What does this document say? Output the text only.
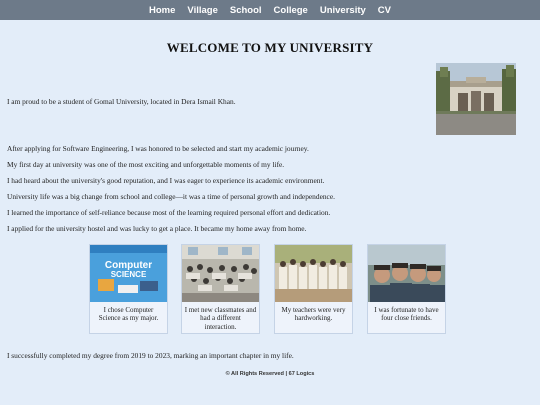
Home Village School College University CV
WELCOME TO MY UNIVERSITY
I am proud to be a student of Gomal University, located in Dera Ismail Khan.
After applying for Software Engineering, I was honored to be selected and start my academic journey.
My first day at university was one of the most exciting and unforgettable moments of my life.
I had heard about the university's good reputation, and I was eager to experience its academic environment.
University life was a big change from school and college—it was a time of personal growth and independence.
I learned the importance of self-reliance because most of the learning required personal effort and dedication.
I applied for the university hostel and was lucky to get a place. It became my home away from home.
Computer
SCIENCE
I chose Computer Science as my major.
I met new classmates and had a different interaction.
My teachers were very hardworking.
I was fortunate to have four close friends.
I successfully completed my degree from 2019 to 2023, marking an important chapter in my life.
© All Rights Reserved | 67 Logics
